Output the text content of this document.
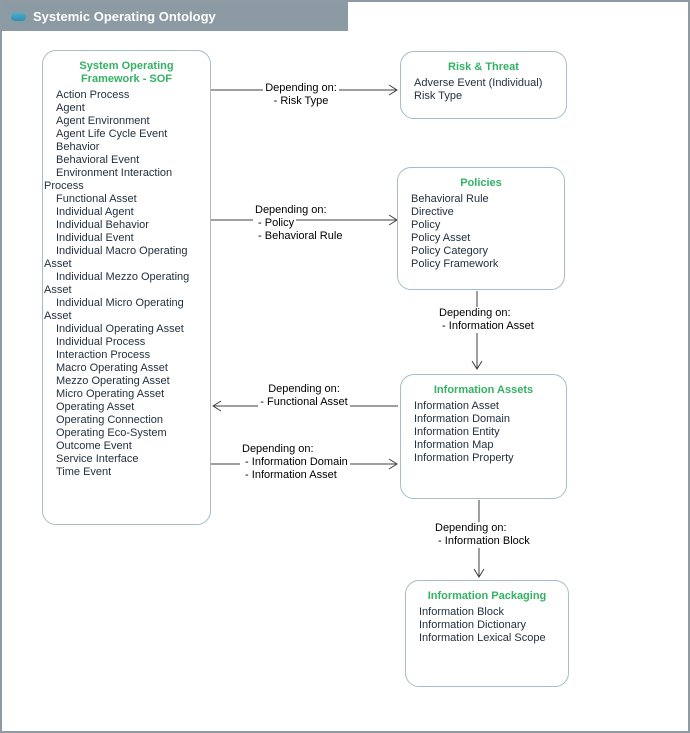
Systemic Operating Ontology
System Operating Framework - SOF
Action Process
Agent
Agent Environment
Agent Life Cycle Event
Behavior
Behavioral Event
Environment Interaction Process
Functional Asset
Individual Agent
Individual Behavior
Individual Event
Individual Macro Operating Asset
Individual Mezzo Operating Asset
Individual Micro Operating Asset
Individual Operating Asset
Individual Process
Interaction Process
Macro Operating Asset
Mezzo Operating Asset
Micro Operating Asset
Operating Asset
Operating Connection
Operating Eco-System
Outcome Event
Service Interface
Time Event
Risk & Threat
Adverse Event (Individual)
Risk Type
Policies
Behavioral Rule
Directive
Policy
Policy Asset
Policy Category
Policy Framework
Information Assets
Information Asset
Information Domain
Information Entity
Information Map
Information Property
Information Packaging
Information Block
Information Dictionary
Information Lexical Scope
Depending on:
- Risk Type
Depending on:
- Policy
- Behavioral Rule
Depending on:
- Information Asset
Depending on:
- Functional Asset
Depending on:
- Information Domain
- Information Asset
Depending on:
- Information Block
